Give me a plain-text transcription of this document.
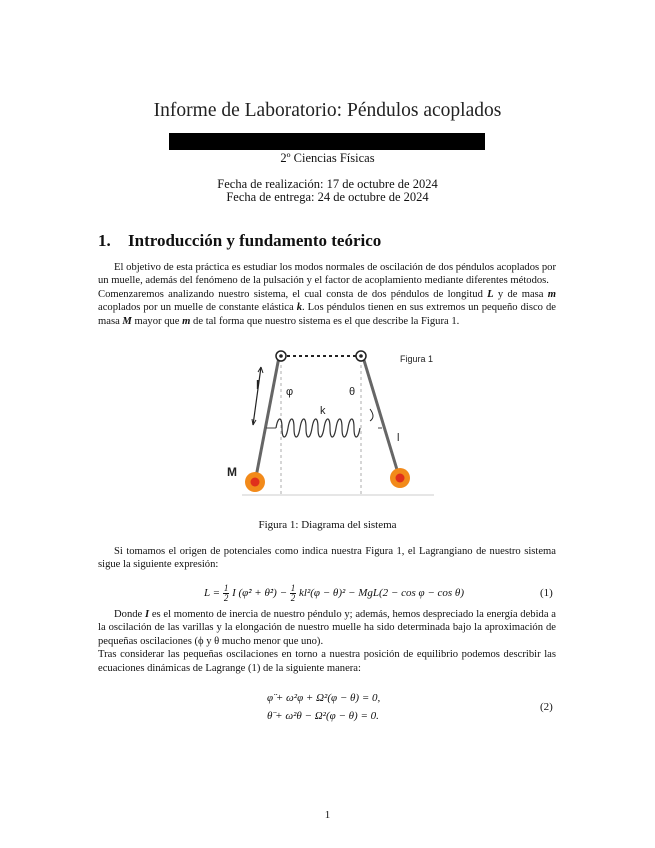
Informe de Laboratorio: Péndulos acoplados
2º Ciencias Físicas
Fecha de realización: 17 de octubre de 2024
Fecha de entrega: 24 de octubre de 2024
1. Introducción y fundamento teórico

El objetivo de esta práctica es estudiar los modos normales de oscilación de dos péndulos acoplados por un muelle, además del fenómeno de la pulsación y el factor de acoplamiento mediante diferentes métodos.

Comenzaremos analizando nuestro sistema, el cual consta de dos péndulos de longitud L y de masa m acoplados por un muelle de constante elástica k. Los péndulos tienen en sus extremos un pequeño disco de masa M mayor que m de tal forma que nuestro sistema es el que describe la Figura 1.

Figura 1
l φ	θ
k
l
M
Figura 1: Diagrama del sistema

Si tomamos el origen de potenciales como indica nuestra Figura 1, el Lagrangiano de nuestro sistema sigue la siguiente expresión:

$L = \frac{1}{2}$ I (φ̇² + θ̇²) − $\frac{1}{2} kl^2(\varphi - \theta)^2 - MgL(2 - \cos \varphi - \cos \theta)$	(1)

Donde I es el momento de inercia de nuestro péndulo y; además, hemos despreciado la energía debida a la oscilación de las varillas y la elongación de nuestro muelle ha sido determinada bajo la aproximación de pequeñas oscilaciones (ϕ y θ mucho menor que uno).

Tras considerar las pequeñas oscilaciones en torno a nuestra posición de equilibrio podemos describir las ecuaciones dinámicas de Lagrange (1) de la siguiente manera:

φ̈ + ω²φ + Ω²(φ − θ) = 0,
θ̈ + ω²θ − Ω²(φ − θ) = 0.
(2)
1
